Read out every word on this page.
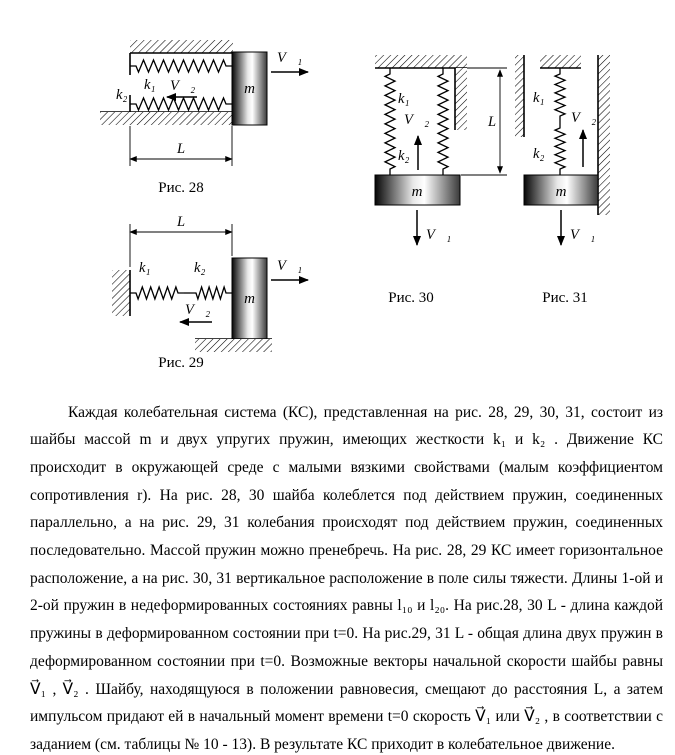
m
k₁
k₂
V⃗₂
V⃗₁
L
Рис. 28
L
k₁	k₂
m
V⃗₁
V⃗₂
Рис. 29
k₁
V⃗₂
k₂
m
V⃗₁
L
Рис. 30
k₁
k₂
V⃗₂
m
V⃗₁
Рис. 31

Каждая колебательная система (КС), представленная на рис. 28, 29, 30, 31, состоит из шайбы массой m и двух упругих пружин, имеющих жесткости k₁ и k₂ . Движение КС происходит в окружающей среде с малыми вязкими свойствами (малым коэффициентом сопротивления r). На рис. 28, 30 шайба колеблется под действием пружин, соединенных параллельно, а на рис. 29, 31 колебания происходят под действием пружин, соединенных последовательно. Массой пружин можно пренебречь. На рис. 28, 29 КС имеет горизонтальное расположение, а на рис. 30, 31 вертикальное расположение в поле силы тяжести. Длины 1-ой и 2-ой пружин в недеформированных состояниях равны l₁₀ и l₂₀. На рис.28, 30 L - длина каждой пружины в деформированном состоянии при t=0. На рис.29, 31 L - общая длина двух пружин в деформированном состоянии при t=0. Возможные векторы начальной скорости шайбы равны V⃗₁ , V⃗₂ . Шайбу, находящуюся в положении равновесия, смещают до расстояния L, а затем импульсом придают ей в начальный момент времени t=0 скорость V⃗₁ или V⃗₂ , в соответствии с заданием (см. таблицы № 10 - 13). В результате КС приходит в колебательное движение.
